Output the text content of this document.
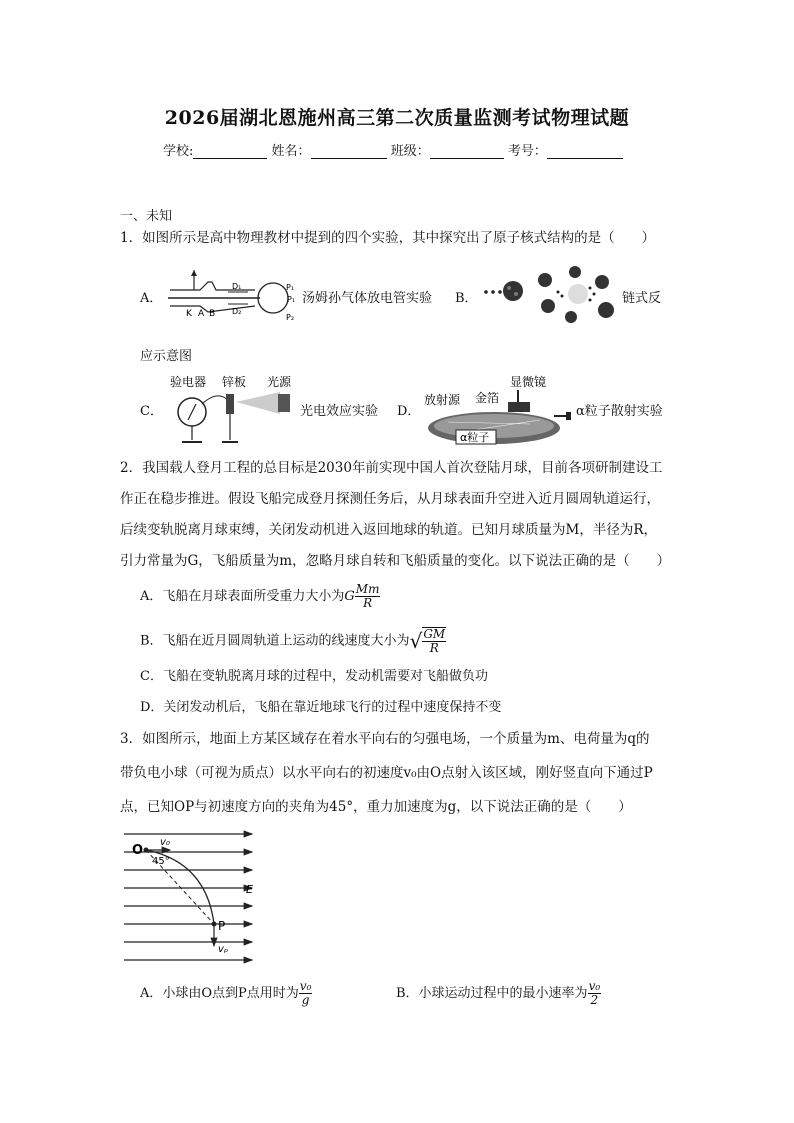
2026届湖北恩施州高三第二次质量监测考试物理试题
学校:	姓名：	班级：	考号：
一、未知
1．如图所示是高中物理教材中提到的四个实验，其中探究出了原子核式结构的是（　　）
A．
K A B
D₁
D₂
P₁
P₁
P₂
汤姆孙气体放电管实验 B．	链式反
应示意图
C．
验电器 锌板 光源
光电效应实验 D．
显微镜
放射源 金箔
α粒子
α粒子散射实验
2．我国载人登月工程的总目标是2030年前实现中国人首次登陆月球，目前各项研制建设工
作正在稳步推进。假设飞船完成登月探测任务后，从月球表面升空进入近月圆周轨道运行，
后续变轨脱离月球束缚，关闭发动机进入返回地球的轨道。已知月球质量为M，半径为R，
引力常量为G，飞船质量为m，忽略月球自转和飞船质量的变化。以下说法正确的是（　　）
A．飞船在月球表面所受重力大小为G $\frac{Mm}{R}$
B．飞船在近月圆周轨道上运动的线速度大小为√ $\frac{GM}{R}$
C．飞船在变轨脱离月球的过程中，发动机需要对飞船做负功
D．关闭发动机后，飞船在靠近地球飞行的过程中速度保持不变
3．如图所示，地面上方某区域存在着水平向右的匀强电场，一个质量为m、电荷量为q的
带负电小球（可视为质点）以水平向右的初速度v₀由O点射入该区域，刚好竖直向下通过P
点，已知OP与初速度方向的夹角为45°，重力加速度为g，以下说法正确的是（　　）
O
v₀
45°
E
P
vₚ
A．小球由O点到P点用时为 $\frac{\text{v₀}}{g}$	B．小球运动过程中的最小速率为 $\frac{\text{v₀}}{2}$
